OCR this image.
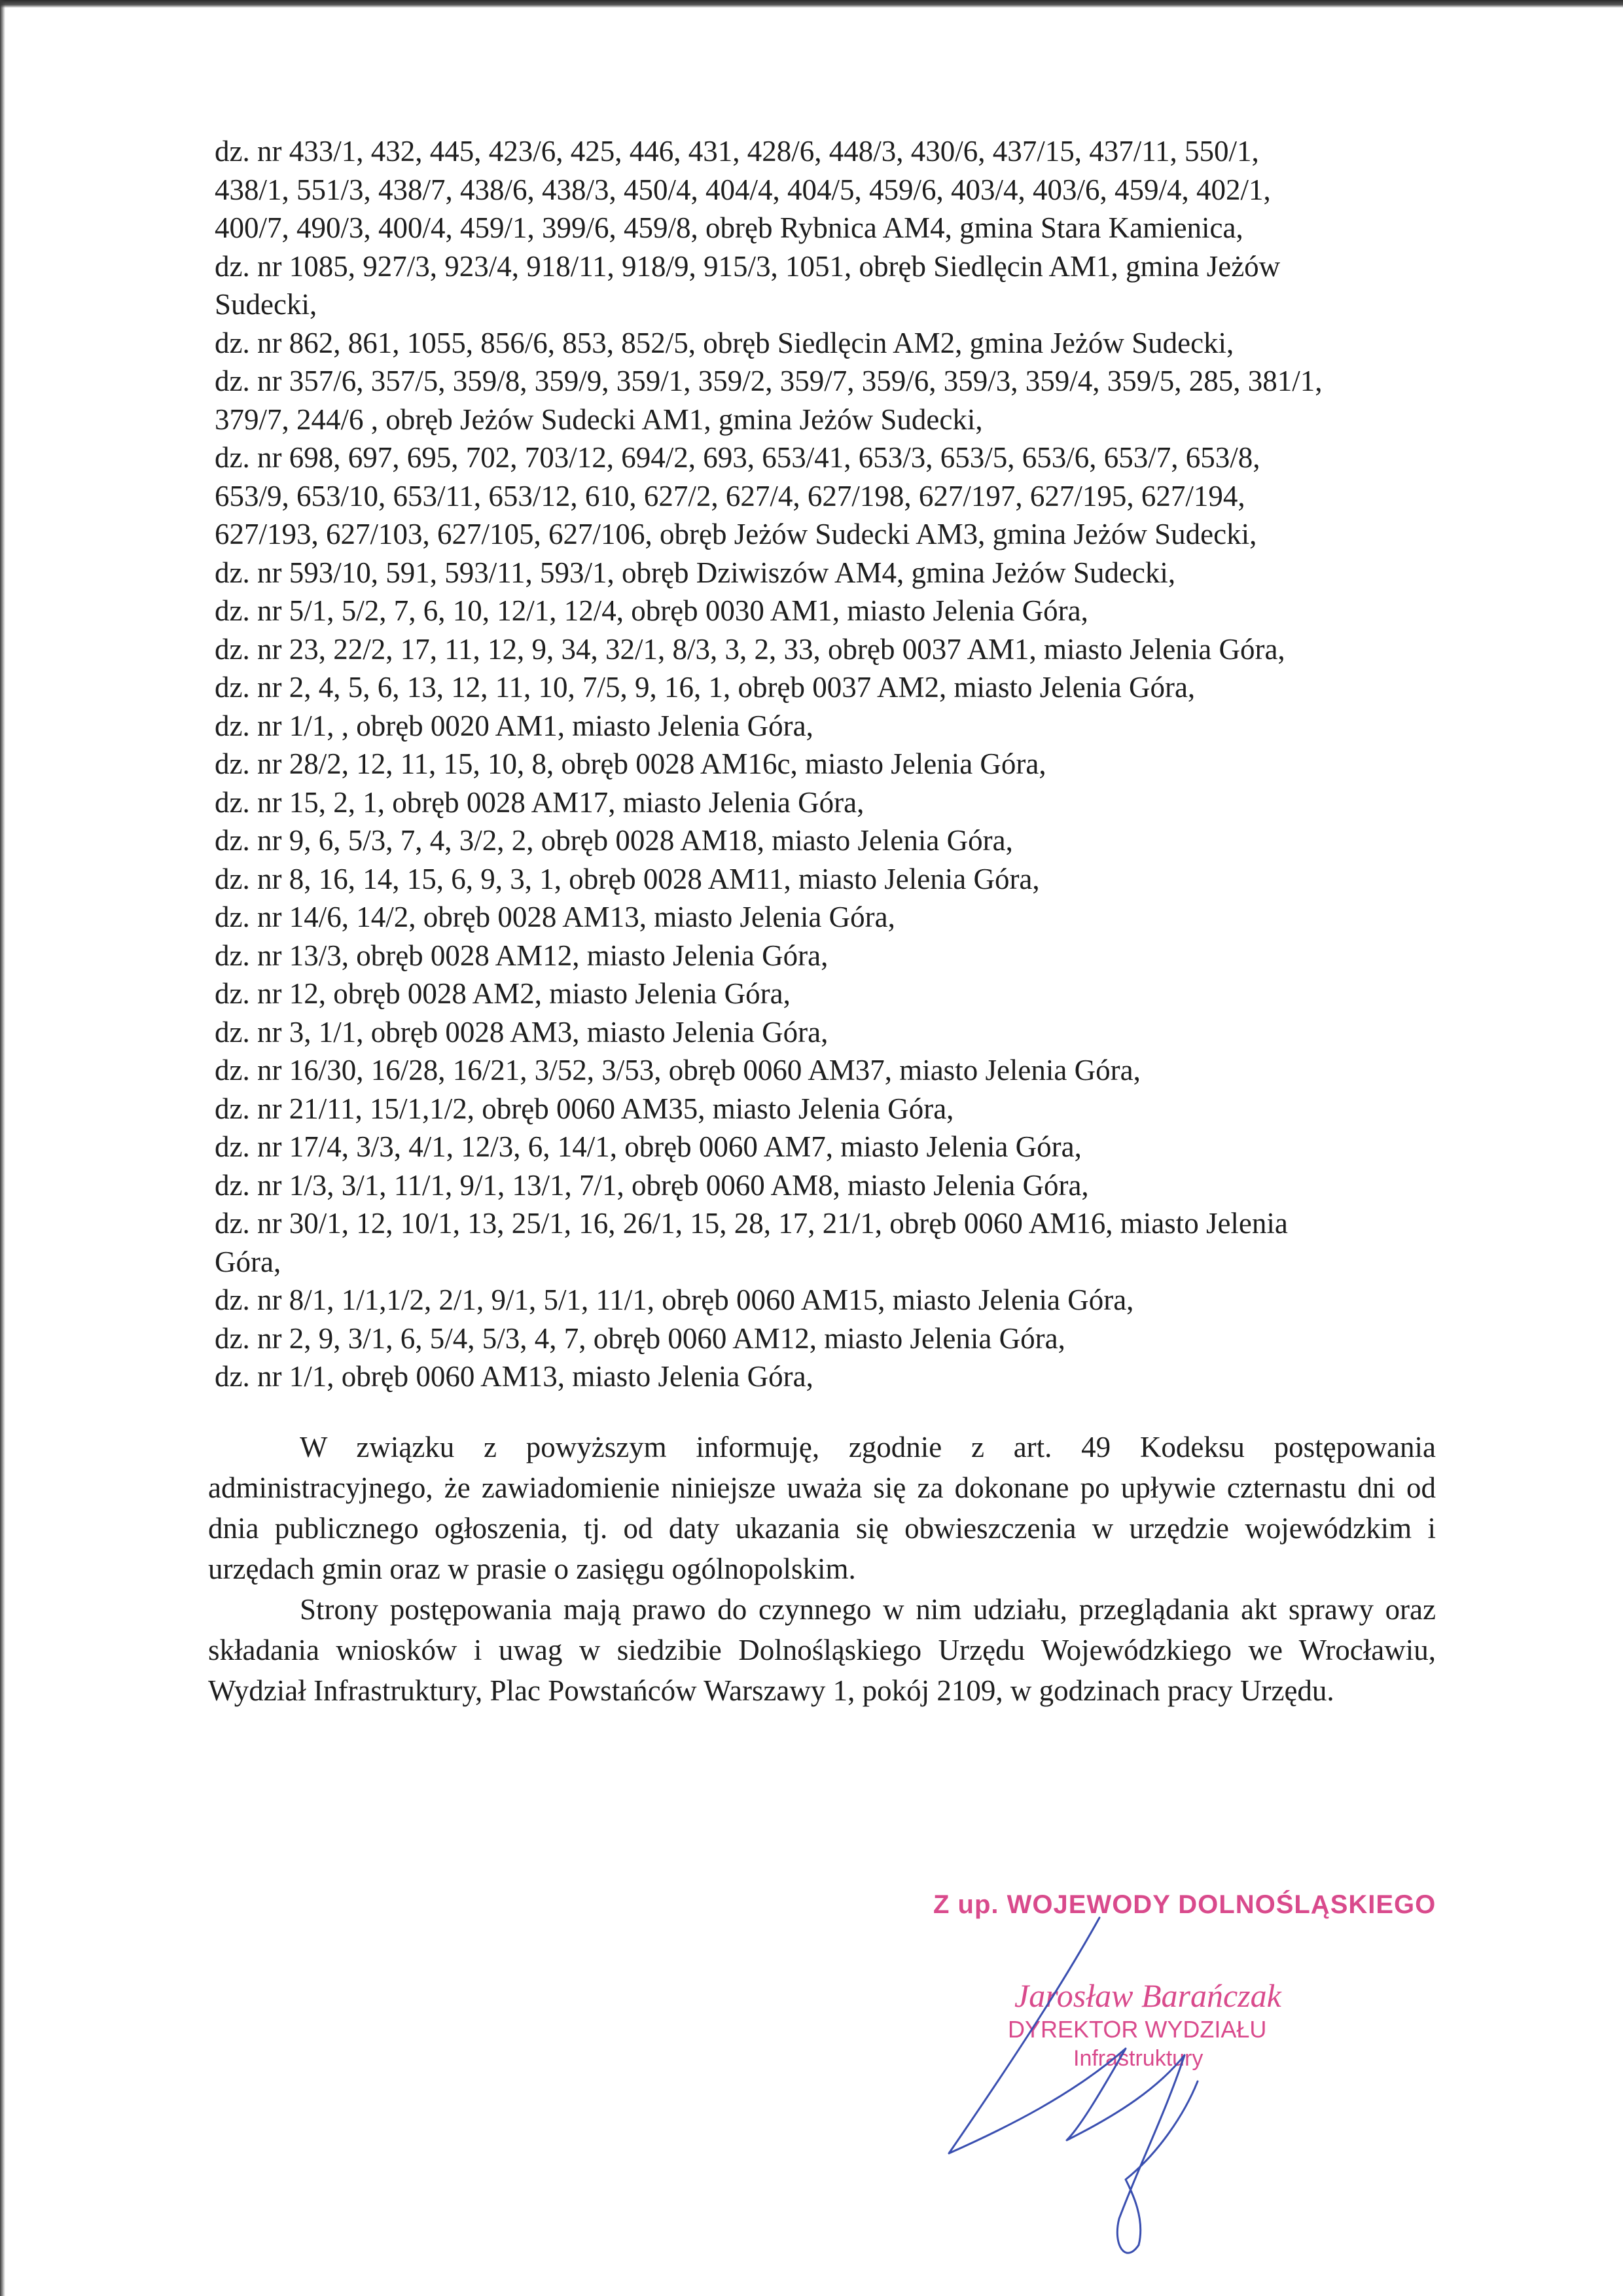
dz. nr 433/1, 432, 445, 423/6, 425, 446, 431, 428/6, 448/3, 430/6, 437/15, 437/11, 550/1,
438/1, 551/3, 438/7, 438/6, 438/3, 450/4, 404/4, 404/5, 459/6, 403/4, 403/6, 459/4, 402/1,
400/7, 490/3, 400/4, 459/1, 399/6, 459/8, obręb Rybnica AM4, gmina Stara Kamienica,
dz. nr 1085, 927/3, 923/4, 918/11, 918/9, 915/3, 1051, obręb Siedlęcin AM1, gmina Jeżów
Sudecki,
dz. nr 862, 861, 1055, 856/6, 853, 852/5, obręb Siedlęcin AM2, gmina Jeżów Sudecki,
dz. nr 357/6, 357/5, 359/8, 359/9, 359/1, 359/2, 359/7, 359/6, 359/3, 359/4, 359/5, 285, 381/1,
379/7, 244/6 , obręb Jeżów Sudecki AM1, gmina Jeżów Sudecki,
dz. nr 698, 697, 695, 702, 703/12, 694/2, 693, 653/41, 653/3, 653/5, 653/6, 653/7, 653/8,
653/9, 653/10, 653/11, 653/12, 610, 627/2, 627/4, 627/198, 627/197, 627/195, 627/194,
627/193, 627/103, 627/105, 627/106, obręb Jeżów Sudecki AM3, gmina Jeżów Sudecki,
dz. nr 593/10, 591, 593/11, 593/1, obręb Dziwiszów AM4, gmina Jeżów Sudecki,
dz. nr 5/1, 5/2, 7, 6, 10, 12/1, 12/4, obręb 0030 AM1, miasto Jelenia Góra,
dz. nr 23, 22/2, 17, 11, 12, 9, 34, 32/1, 8/3, 3, 2, 33, obręb 0037 AM1, miasto Jelenia Góra,
dz. nr 2, 4, 5, 6, 13, 12, 11, 10, 7/5, 9, 16, 1, obręb 0037 AM2, miasto Jelenia Góra,
dz. nr 1/1, , obręb 0020 AM1, miasto Jelenia Góra,
dz. nr 28/2, 12, 11, 15, 10, 8, obręb 0028 AM16c, miasto Jelenia Góra,
dz. nr 15, 2, 1, obręb 0028 AM17, miasto Jelenia Góra,
dz. nr 9, 6, 5/3, 7, 4, 3/2, 2, obręb 0028 AM18, miasto Jelenia Góra,
dz. nr 8, 16, 14, 15, 6, 9, 3, 1, obręb 0028 AM11, miasto Jelenia Góra,
dz. nr 14/6, 14/2, obręb 0028 AM13, miasto Jelenia Góra,
dz. nr 13/3, obręb 0028 AM12, miasto Jelenia Góra,
dz. nr 12, obręb 0028 AM2, miasto Jelenia Góra,
dz. nr 3, 1/1, obręb 0028 AM3, miasto Jelenia Góra,
dz. nr 16/30, 16/28, 16/21, 3/52, 3/53, obręb 0060 AM37, miasto Jelenia Góra,
dz. nr 21/11, 15/1,1/2, obręb 0060 AM35, miasto Jelenia Góra,
dz. nr 17/4, 3/3, 4/1, 12/3, 6, 14/1, obręb 0060 AM7, miasto Jelenia Góra,
dz. nr 1/3, 3/1, 11/1, 9/1, 13/1, 7/1, obręb 0060 AM8, miasto Jelenia Góra,
dz. nr 30/1, 12, 10/1, 13, 25/1, 16, 26/1, 15, 28, 17, 21/1, obręb 0060 AM16, miasto Jelenia
Góra,
dz. nr 8/1, 1/1,1/2, 2/1, 9/1, 5/1, 11/1, obręb 0060 AM15, miasto Jelenia Góra,
dz. nr 2, 9, 3/1, 6, 5/4, 5/3, 4, 7, obręb 0060 AM12, miasto Jelenia Góra,
dz. nr 1/1, obręb 0060 AM13, miasto Jelenia Góra,

W związku z powyższym informuję, zgodnie z art. 49 Kodeksu postępowania administracyjnego, że zawiadomienie niniejsze uważa się za dokonane po upływie czternastu dni od dnia publicznego ogłoszenia, tj. od daty ukazania się obwieszczenia w urzędzie wojewódzkim i urzędach gmin oraz w prasie o zasięgu ogólnopolskim.

Strony postępowania mają prawo do czynnego w nim udziału, przeglądania akt sprawy oraz składania wniosków i uwag w siedzibie Dolnośląskiego Urzędu Wojewódzkiego we Wrocławiu, Wydział Infrastruktury, Plac Powstańców Warszawy 1, pokój 2109, w godzinach pracy Urzędu.

Z up. WOJEWODY DOLNOŚLĄSKIEGO
Jarosław Barańczak
DYREKTOR WYDZIAŁU
Infrastruktury
